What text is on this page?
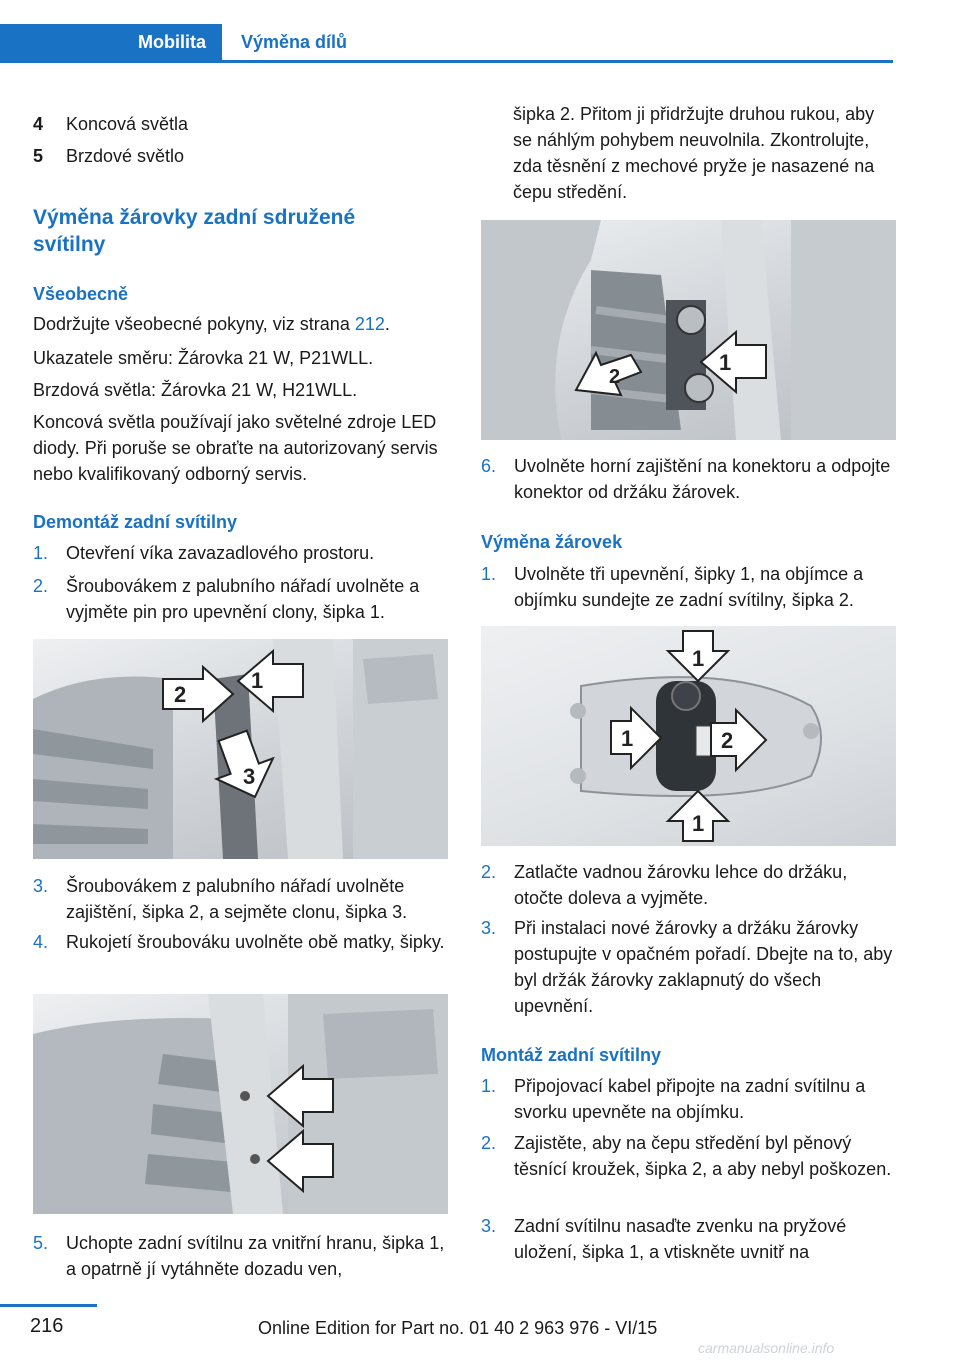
Mobilita	Výměna dílů
4 Koncová světla
5 Brzdové světlo
Výměna žárovky zadní sdružené svítilny
Všeobecně
Dodržujte všeobecné pokyny, viz strana 212.
Ukazatele směru: Žárovka 21 W, P21WLL.
Brzdová světla: Žárovka 21 W, H21WLL.
Koncová světla používají jako světelné zdroje LED diody. Při poruše se obraťte na autorizovaný servis nebo kvalifikovaný odborný servis.
Demontáž zadní svítilny
1. Otevření víka zavazadlového prostoru.
2. Šroubovákem z palubního nářadí uvolněte a vyjměte pin pro upevnění clony, šipka 1.
2
1
3
3. Šroubovákem z palubního nářadí uvolněte zajištění, šipka 2, a sejměte clonu, šipka 3.
4. Rukojetí šroubováku uvolněte obě matky, šipky.
5. Uchopte zadní svítilnu za vnitřní hranu, šipka 1, a opatrně jí vytáhněte dozadu ven,
šipka 2. Přitom ji přidržujte druhou rukou, aby se náhlým pohybem neuvolnila. Zkontrolujte, zda těsnění z mechové pryže je nasazené na čepu středění.
1
2
6. Uvolněte horní zajištění na konektoru a odpojte konektor od držáku žárovek.
Výměna žárovek
1. Uvolněte tři upevnění, šipky 1, na objímce a objímku sundejte ze zadní svítilny, šipka 2.
1
1	2
1
2. Zatlačte vadnou žárovku lehce do držáku, otočte doleva a vyjměte.
3. Při instalaci nové žárovky a držáku žárovky postupujte v opačném pořadí. Dbejte na to, aby byl držák žárovky zaklapnutý do všech upevnění.
Montáž zadní svítilny
1. Připojovací kabel připojte na zadní svítilnu a svorku upevněte na objímku.
2. Zajistěte, aby na čepu středění byl pěnový těsnící kroužek, šipka 2, a aby nebyl poškozen.
3. Zadní svítilnu nasaďte zvenku na pryžové uložení, šipka 1, a vtiskněte uvnitř na
216	Online Edition for Part no. 01 40 2 963 976 - VI/15
carmanualsonline.info
